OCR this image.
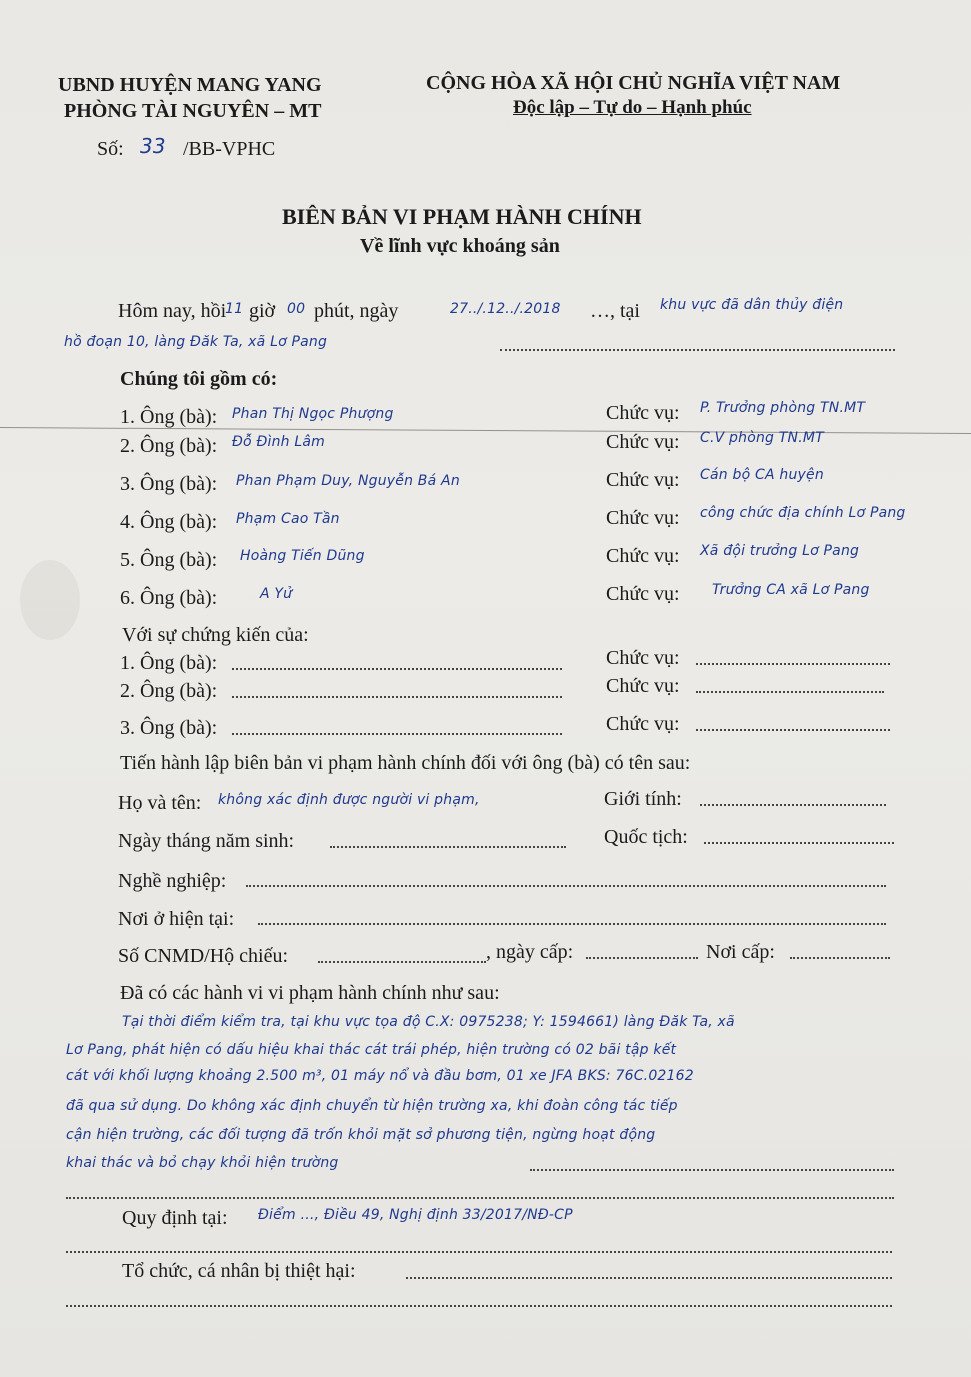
UBND HUYỆN MANG YANG
PHÒNG TÀI NGUYÊN – MT
Số: 33 /BB-VPHC
CỘNG HÒA XÃ HỘI CHỦ NGHĨA VIỆT NAM
Độc lập – Tự do – Hạnh phúc
BIÊN BẢN VI PHẠM HÀNH CHÍNH
Về lĩnh vực khoáng sản
Hôm nay, hồi
11 giờ 00 phút, ngày	27../.12../.2018 …, tại khu vực đã dân thủy điện
hồ đoạn 10, làng Đăk Ta, xã Lơ Pang
Chúng tôi gồm có:
1. Ông (bà): Phan Thị Ngọc Phượng	Chức vụ: P. Trưởng phòng TN.MT
2. Ông (bà): Đỗ Đình Lâm	Chức vụ: C.V phòng TN.MT
3. Ông (bà): Phan Phạm Duy, Nguyễn Bá An	Chức vụ: Cán bộ CA huyện
4. Ông (bà): Phạm Cao Tần	Chức vụ: công chức địa chính Lơ Pang
5. Ông (bà): Hoàng Tiến Dũng	Chức vụ: Xã đội trưởng Lơ Pang
6. Ông (bà):	A Yử	Chức vụ: Trưởng CA xã Lơ Pang
Với sự chứng kiến của:
1. Ông (bà):	Chức vụ:
2. Ông (bà):	Chức vụ:
3. Ông (bà):	Chức vụ:
Tiến hành lập biên bản vi phạm hành chính đối với ông (bà) có tên sau:
Họ và tên: không xác định được người vi phạm,	Giới tính:
Ngày tháng năm sinh:	Quốc tịch:
Nghề nghiệp:
Nơi ở hiện tại:
Số CNMD/Hộ chiếu:	, ngày cấp:	Nơi cấp:
Đã có các hành vi vi phạm hành chính như sau:
Tại thời điểm kiểm tra, tại khu vực tọa độ C.X: 0975238; Y: 1594661) làng Đăk Ta, xã
Lơ Pang, phát hiện có dấu hiệu khai thác cát trái phép, hiện trường có 02 bãi tập kết
cát với khối lượng khoảng 2.500 m³, 01 máy nổ và đầu bơm, 01 xe JFA BKS: 76C.02162
đã qua sử dụng. Do không xác định chuyển từ hiện trường xa, khi đoàn công tác tiếp
cận hiện trường, các đối tượng đã trốn khỏi mặt sở phương tiện, ngừng hoạt động
khai thác và bỏ chạy khỏi hiện trường
Quy định tại: Điểm …, Điều 49, Nghị định 33/2017/NĐ-CP
Tổ chức, cá nhân bị thiệt hại:
